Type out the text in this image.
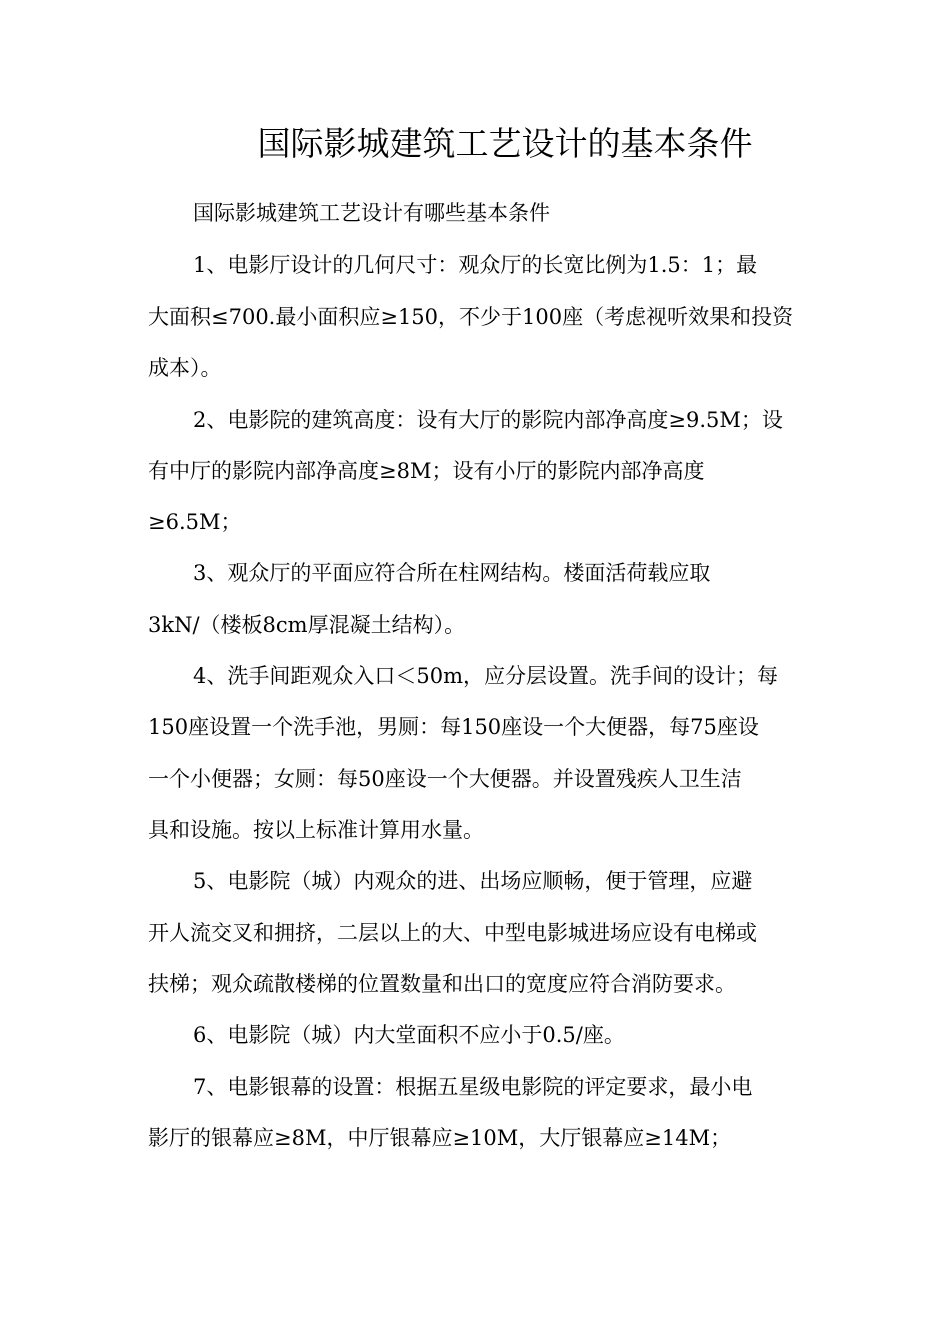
国际影城建筑工艺设计的基本条件

国际影城建筑工艺设计有哪些基本条件

1、电影厅设计的几何尺寸：观众厅的长宽比例为1.5：1；最

大面积≤700.最小面积应≥150，不少于100座（考虑视听效果和投资

成本）。

2、电影院的建筑高度：设有大厅的影院内部净高度≥9.5M；设

有中厅的影院内部净高度≥8M；设有小厅的影院内部净高度

≥6.5M；

3、观众厅的平面应符合所在柱网结构。楼面活荷载应取

3kN/（楼板8cm厚混凝土结构）。

4、洗手间距观众入口＜50m，应分层设置。洗手间的设计；每

150座设置一个洗手池，男厕：每150座设一个大便器，每75座设

一个小便器；女厕：每50座设一个大便器。并设置残疾人卫生洁

具和设施。按以上标准计算用水量。

5、电影院（城）内观众的进、出场应顺畅，便于管理，应避

开人流交叉和拥挤，二层以上的大、中型电影城进场应设有电梯或

扶梯；观众疏散楼梯的位置数量和出口的宽度应符合消防要求。

6、电影院（城）内大堂面积不应小于0.5/座。

7、电影银幕的设置：根据五星级电影院的评定要求，最小电

影厅的银幕应≥8M，中厅银幕应≥10M，大厅银幕应≥14M；
